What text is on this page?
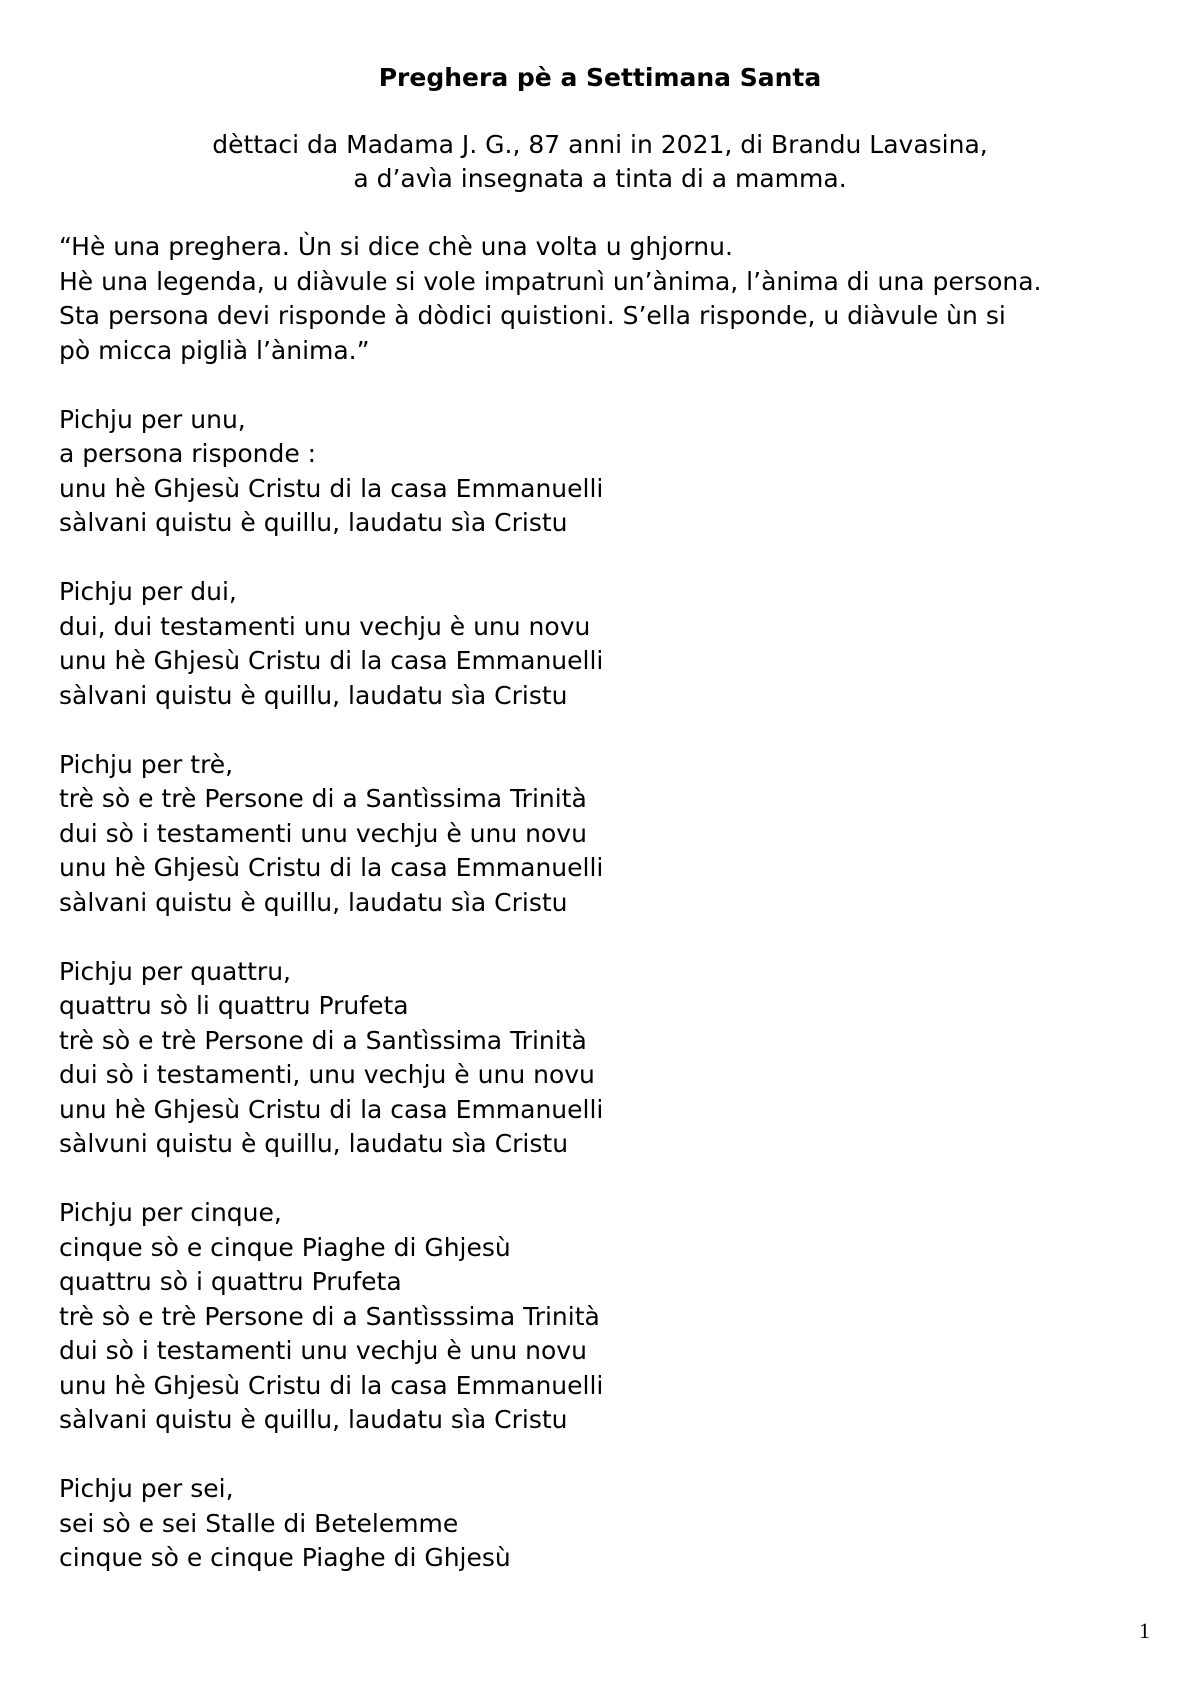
Preghera pè a Settimana Santa
dèttaci da Madama J. G., 87 anni in 2021, di Brandu Lavasina,
a d’avìa insegnata a tinta di a mamma.
“Hè una preghera. Ùn si dice chè una volta u ghjornu.
Hè una legenda, u diàvule si vole impatrunì un’ànima, l’ànima di una persona.
Sta persona devi risponde à dòdici quistioni. S’ella risponde, u diàvule ùn si
pò micca piglià l’ànima.”
Pichju per unu,
a persona risponde :
unu hè Ghjesù Cristu di la casa Emmanuelli
sàlvani quistu è quillu, laudatu sìa Cristu
Pichju per dui,
dui, dui testamenti unu vechju è unu novu
unu hè Ghjesù Cristu di la casa Emmanuelli
sàlvani quistu è quillu, laudatu sìa Cristu
Pichju per trè,
trè sò e trè Persone di a Santìssima Trinità
dui sò i testamenti unu vechju è unu novu
unu hè Ghjesù Cristu di la casa Emmanuelli
sàlvani quistu è quillu, laudatu sìa Cristu
Pichju per quattru,
quattru sò li quattru Prufeta
trè sò e trè Persone di a Santìssima Trinità
dui sò i testamenti, unu vechju è unu novu
unu hè Ghjesù Cristu di la casa Emmanuelli
sàlvuni quistu è quillu, laudatu sìa Cristu
Pichju per cinque,
cinque sò e cinque Piaghe di Ghjesù
quattru sò i quattru Prufeta
trè sò e trè Persone di a Santìsssima Trinità
dui sò i testamenti unu vechju è unu novu
unu hè Ghjesù Cristu di la casa Emmanuelli
sàlvani quistu è quillu, laudatu sìa Cristu
Pichju per sei,
sei sò e sei Stalle di Betelemme
cinque sò e cinque Piaghe di Ghjesù
1
